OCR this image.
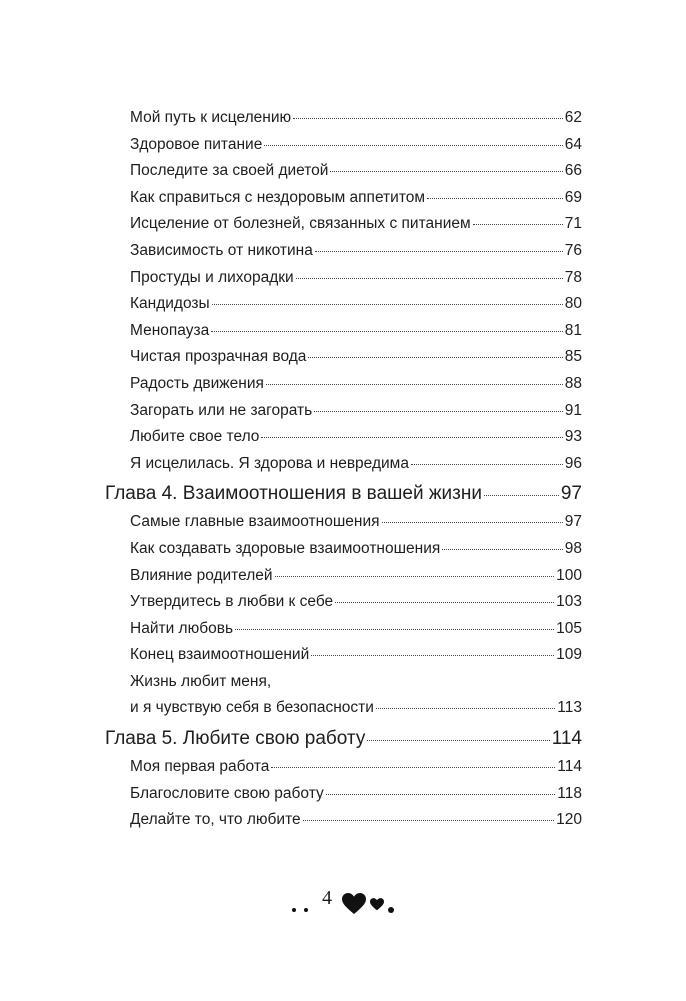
Мой путь к исцелению	62
Здоровое питание	64
Последите за своей диетой	66
Как справиться с нездоровым аппетитом	69
Исцеление от болезней, связанных с питанием	71
Зависимость от никотина	76
Простуды и лихорадки	78
Кандидозы	80
Менопауза	81
Чистая прозрачная вода	85
Радость движения	88
Загорать или не загорать	91
Любите свое тело	93
Я исцелилась. Я здорова и невредима	96
Глава 4. Взаимоотношения в вашей жизни	97
Самые главные взаимоотношения	97
Как создавать здоровые взаимоотношения	98
Влияние родителей	100
Утвердитесь в любви к себе	103
Найти любовь	105
Конец взаимоотношений	109
Жизнь любит меня,
и я чувствую себя в безопасности	113
Глава 5. Любите свою работу	114
Моя первая работа	114
Благословите свою работу	118
Делайте то, что любите	120
4
